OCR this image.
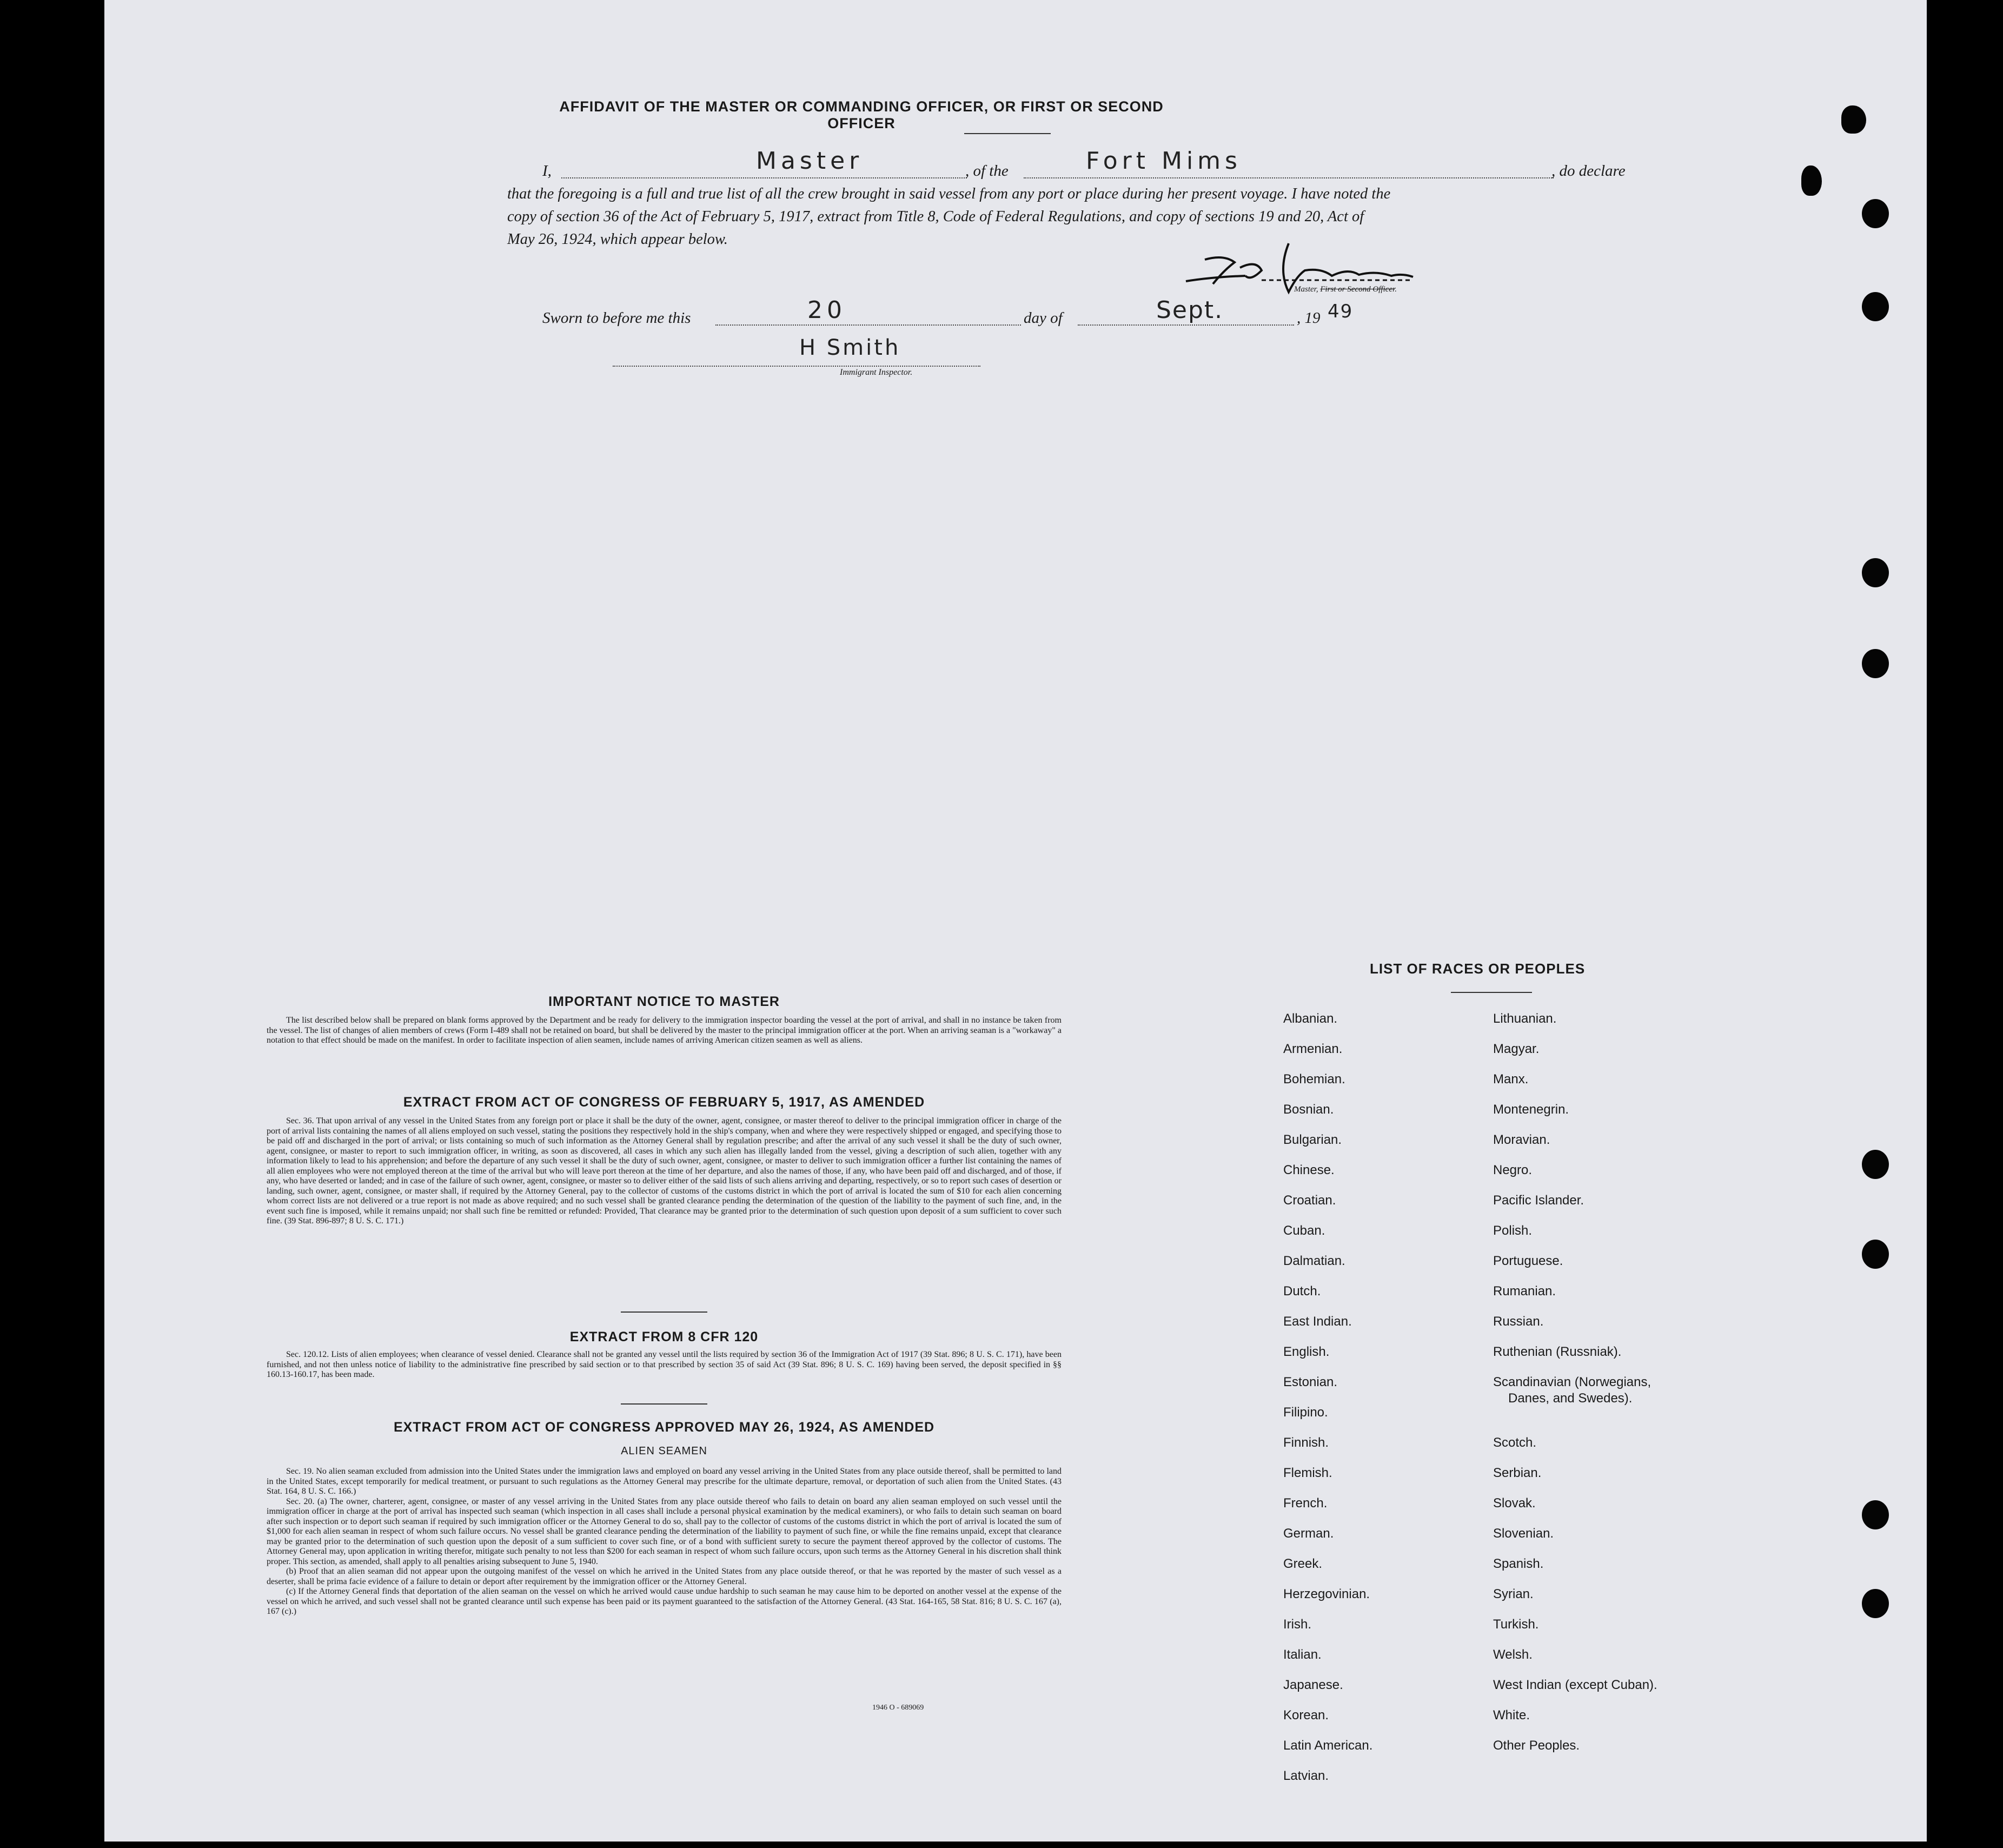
AFFIDAVIT OF THE MASTER OR COMMANDING OFFICER, OR FIRST OR SECOND OFFICER
I,	Master	, of the	Fort Mims	, do declare
that the foregoing is a full and true list of all the crew brought in said vessel from any port or place during her present voyage. I have noted the
copy of section 36 of the Act of February 5, 1917, extract from Title 8, Code of Federal Regulations, and copy of sections 19 and 20, Act of
May 26, 1924, which appear below.
Master, First or Second Officer.
Sworn to before me this	20	day of	Sept.	, 19 49
H Smith
Immigrant Inspector.
IMPORTANT NOTICE TO MASTER

The list described below shall be prepared on blank forms approved by the Department and be ready for delivery to the immigration inspector boarding the vessel at the port of arrival, and shall in no instance be taken from the vessel. The list of changes of alien members of crews (Form I-489 shall not be retained on board, but shall be delivered by the master to the principal immigration officer at the port. When an arriving seaman is a "workaway" a notation to that effect should be made on the manifest. In order to facilitate inspection of alien seamen, include names of arriving American citizen seamen as well as aliens.

EXTRACT FROM ACT OF CONGRESS OF FEBRUARY 5, 1917, AS AMENDED

Sec. 36. That upon arrival of any vessel in the United States from any foreign port or place it shall be the duty of the owner, agent, consignee, or master thereof to deliver to the principal immigration officer in charge of the port of arrival lists containing the names of all aliens employed on such vessel, stating the positions they respectively hold in the ship's company, when and where they were respectively shipped or engaged, and specifying those to be paid off and discharged in the port of arrival; or lists containing so much of such information as the Attorney General shall by regulation prescribe; and after the arrival of any such vessel it shall be the duty of such owner, agent, consignee, or master to report to such immigration officer, in writing, as soon as discovered, all cases in which any such alien has illegally landed from the vessel, giving a description of such alien, together with any information likely to lead to his apprehension; and before the departure of any such vessel it shall be the duty of such owner, agent, consignee, or master to deliver to such immigration officer a further list containing the names of all alien employees who were not employed thereon at the time of the arrival but who will leave port thereon at the time of her departure, and also the names of those, if any, who have been paid off and discharged, and of those, if any, who have deserted or landed; and in case of the failure of such owner, agent, consignee, or master so to deliver either of the said lists of such aliens arriving and departing, respectively, or so to report such cases of desertion or landing, such owner, agent, consignee, or master shall, if required by the Attorney General, pay to the collector of customs of the customs district in which the port of arrival is located the sum of $10 for each alien concerning whom correct lists are not delivered or a true report is not made as above required; and no such vessel shall be granted clearance pending the determination of the question of the liability to the payment of such fine, and, in the event such fine is imposed, while it remains unpaid; nor shall such fine be remitted or refunded: Provided, That clearance may be granted prior to the determination of such question upon deposit of a sum sufficient to cover such fine. (39 Stat. 896-897; 8 U. S. C. 171.)

EXTRACT FROM 8 CFR 120

Sec. 120.12. Lists of alien employees; when clearance of vessel denied. Clearance shall not be granted any vessel until the lists required by section 36 of the Immigration Act of 1917 (39 Stat. 896; 8 U. S. C. 171), have been furnished, and not then unless notice of liability to the administrative fine prescribed by said section or to that prescribed by section 35 of said Act (39 Stat. 896; 8 U. S. C. 169) having been served, the deposit specified in §§ 160.13-160.17, has been made.

EXTRACT FROM ACT OF CONGRESS APPROVED MAY 26, 1924, AS AMENDED
ALIEN SEAMEN

Sec. 19. No alien seaman excluded from admission into the United States under the immigration laws and employed on board any vessel arriving in the United States from any place outside thereof, shall be permitted to land in the United States, except temporarily for medical treatment, or pursuant to such regulations as the Attorney General may prescribe for the ultimate departure, removal, or deportation of such alien from the United States. (43 Stat. 164, 8 U. S. C. 166.)

Sec. 20. (a) The owner, charterer, agent, consignee, or master of any vessel arriving in the United States from any place outside thereof who fails to detain on board any alien seaman employed on such vessel until the immigration officer in charge at the port of arrival has inspected such seaman (which inspection in all cases shall include a personal physical examination by the medical examiners), or who fails to detain such seaman on board after such inspection or to deport such seaman if required by such immigration officer or the Attorney General to do so, shall pay to the collector of customs of the customs district in which the port of arrival is located the sum of $1,000 for each alien seaman in respect of whom such failure occurs. No vessel shall be granted clearance pending the determination of the liability to payment of such fine, or while the fine remains unpaid, except that clearance may be granted prior to the determination of such question upon the deposit of a sum sufficient to cover such fine, or of a bond with sufficient surety to secure the payment thereof approved by the collector of customs. The Attorney General may, upon application in writing therefor, mitigate such penalty to not less than $200 for each seaman in respect of whom such failure occurs, upon such terms as the Attorney General in his discretion shall think proper. This section, as amended, shall apply to all penalties arising subsequent to June 5, 1940.

(b) Proof that an alien seaman did not appear upon the outgoing manifest of the vessel on which he arrived in the United States from any place outside thereof, or that he was reported by the master of such vessel as a deserter, shall be prima facie evidence of a failure to detain or deport after requirement by the immigration officer or the Attorney General.

(c) If the Attorney General finds that deportation of the alien seaman on the vessel on which he arrived would cause undue hardship to such seaman he may cause him to be deported on another vessel at the expense of the vessel on which he arrived, and such vessel shall not be granted clearance until such expense has been paid or its payment guaranteed to the satisfaction of the Attorney General. (43 Stat. 164-165, 58 Stat. 816; 8 U. S. C. 167 (a), 167 (c).)

1946 O - 689069
LIST OF RACES OR PEOPLES
Albanian.
Armenian.
Bohemian.
Bosnian.
Bulgarian.
Chinese.
Croatian.
Cuban.
Dalmatian.
Dutch.
East Indian.
English.
Estonian.
Filipino.
Finnish.
Flemish.
French.
German.
Greek.
Herzegovinian.
Irish.
Italian.
Japanese.
Korean.
Latin American.
Latvian.
Lithuanian.
Magyar.
Manx.
Montenegrin.
Moravian.
Negro.
Pacific Islander.
Polish.
Portuguese.
Rumanian.
Russian.
Ruthenian (Russniak).
Scandinavian (Norwegians,
Danes, and Swedes).
Scotch.
Serbian.
Slovak.
Slovenian.
Spanish.
Syrian.
Turkish.
Welsh.
West Indian (except Cuban).
White.
Other Peoples.
